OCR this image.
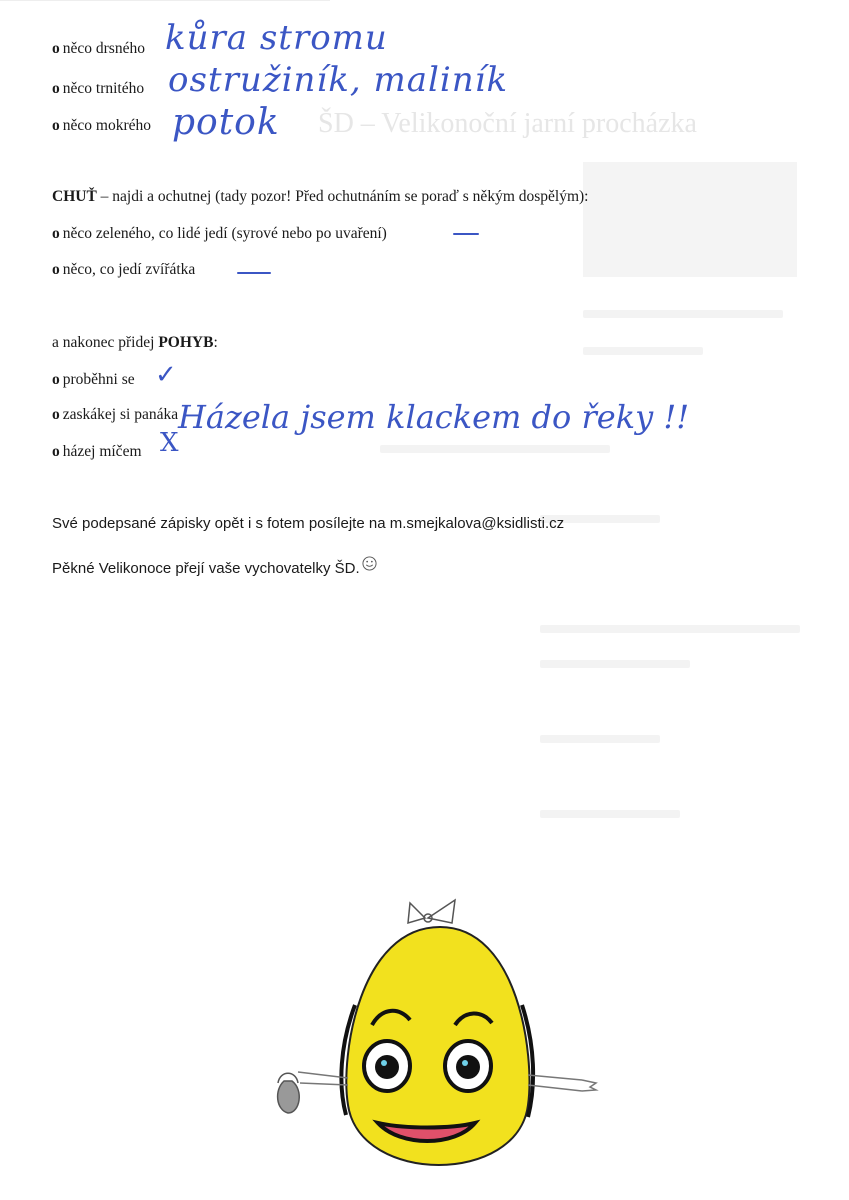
ŠD – Velikonoční jarní procházka
o něco drsného kůra stromu
o něco trnitého ostružiník, maliník
o něco mokrého potok
CHUŤ – najdi a ochutnej (tady pozor! Před ochutnáním se poraď s někým dospělým):
o něco zeleného, co lidé jedí (syrové nebo po uvaření)
o něco, co jedí zvířátka
a nakonec přidej POHYB:
o proběhni se ✓
o zaskákej si panáka
o házej míčem X
Házela jsem klackem do řeky !!
Své podepsané zápisky opět i s fotem posílejte na m.smejkalova@ksidlisti.cz
Pěkné Velikonoce přejí vaše vychovatelky ŠD.
